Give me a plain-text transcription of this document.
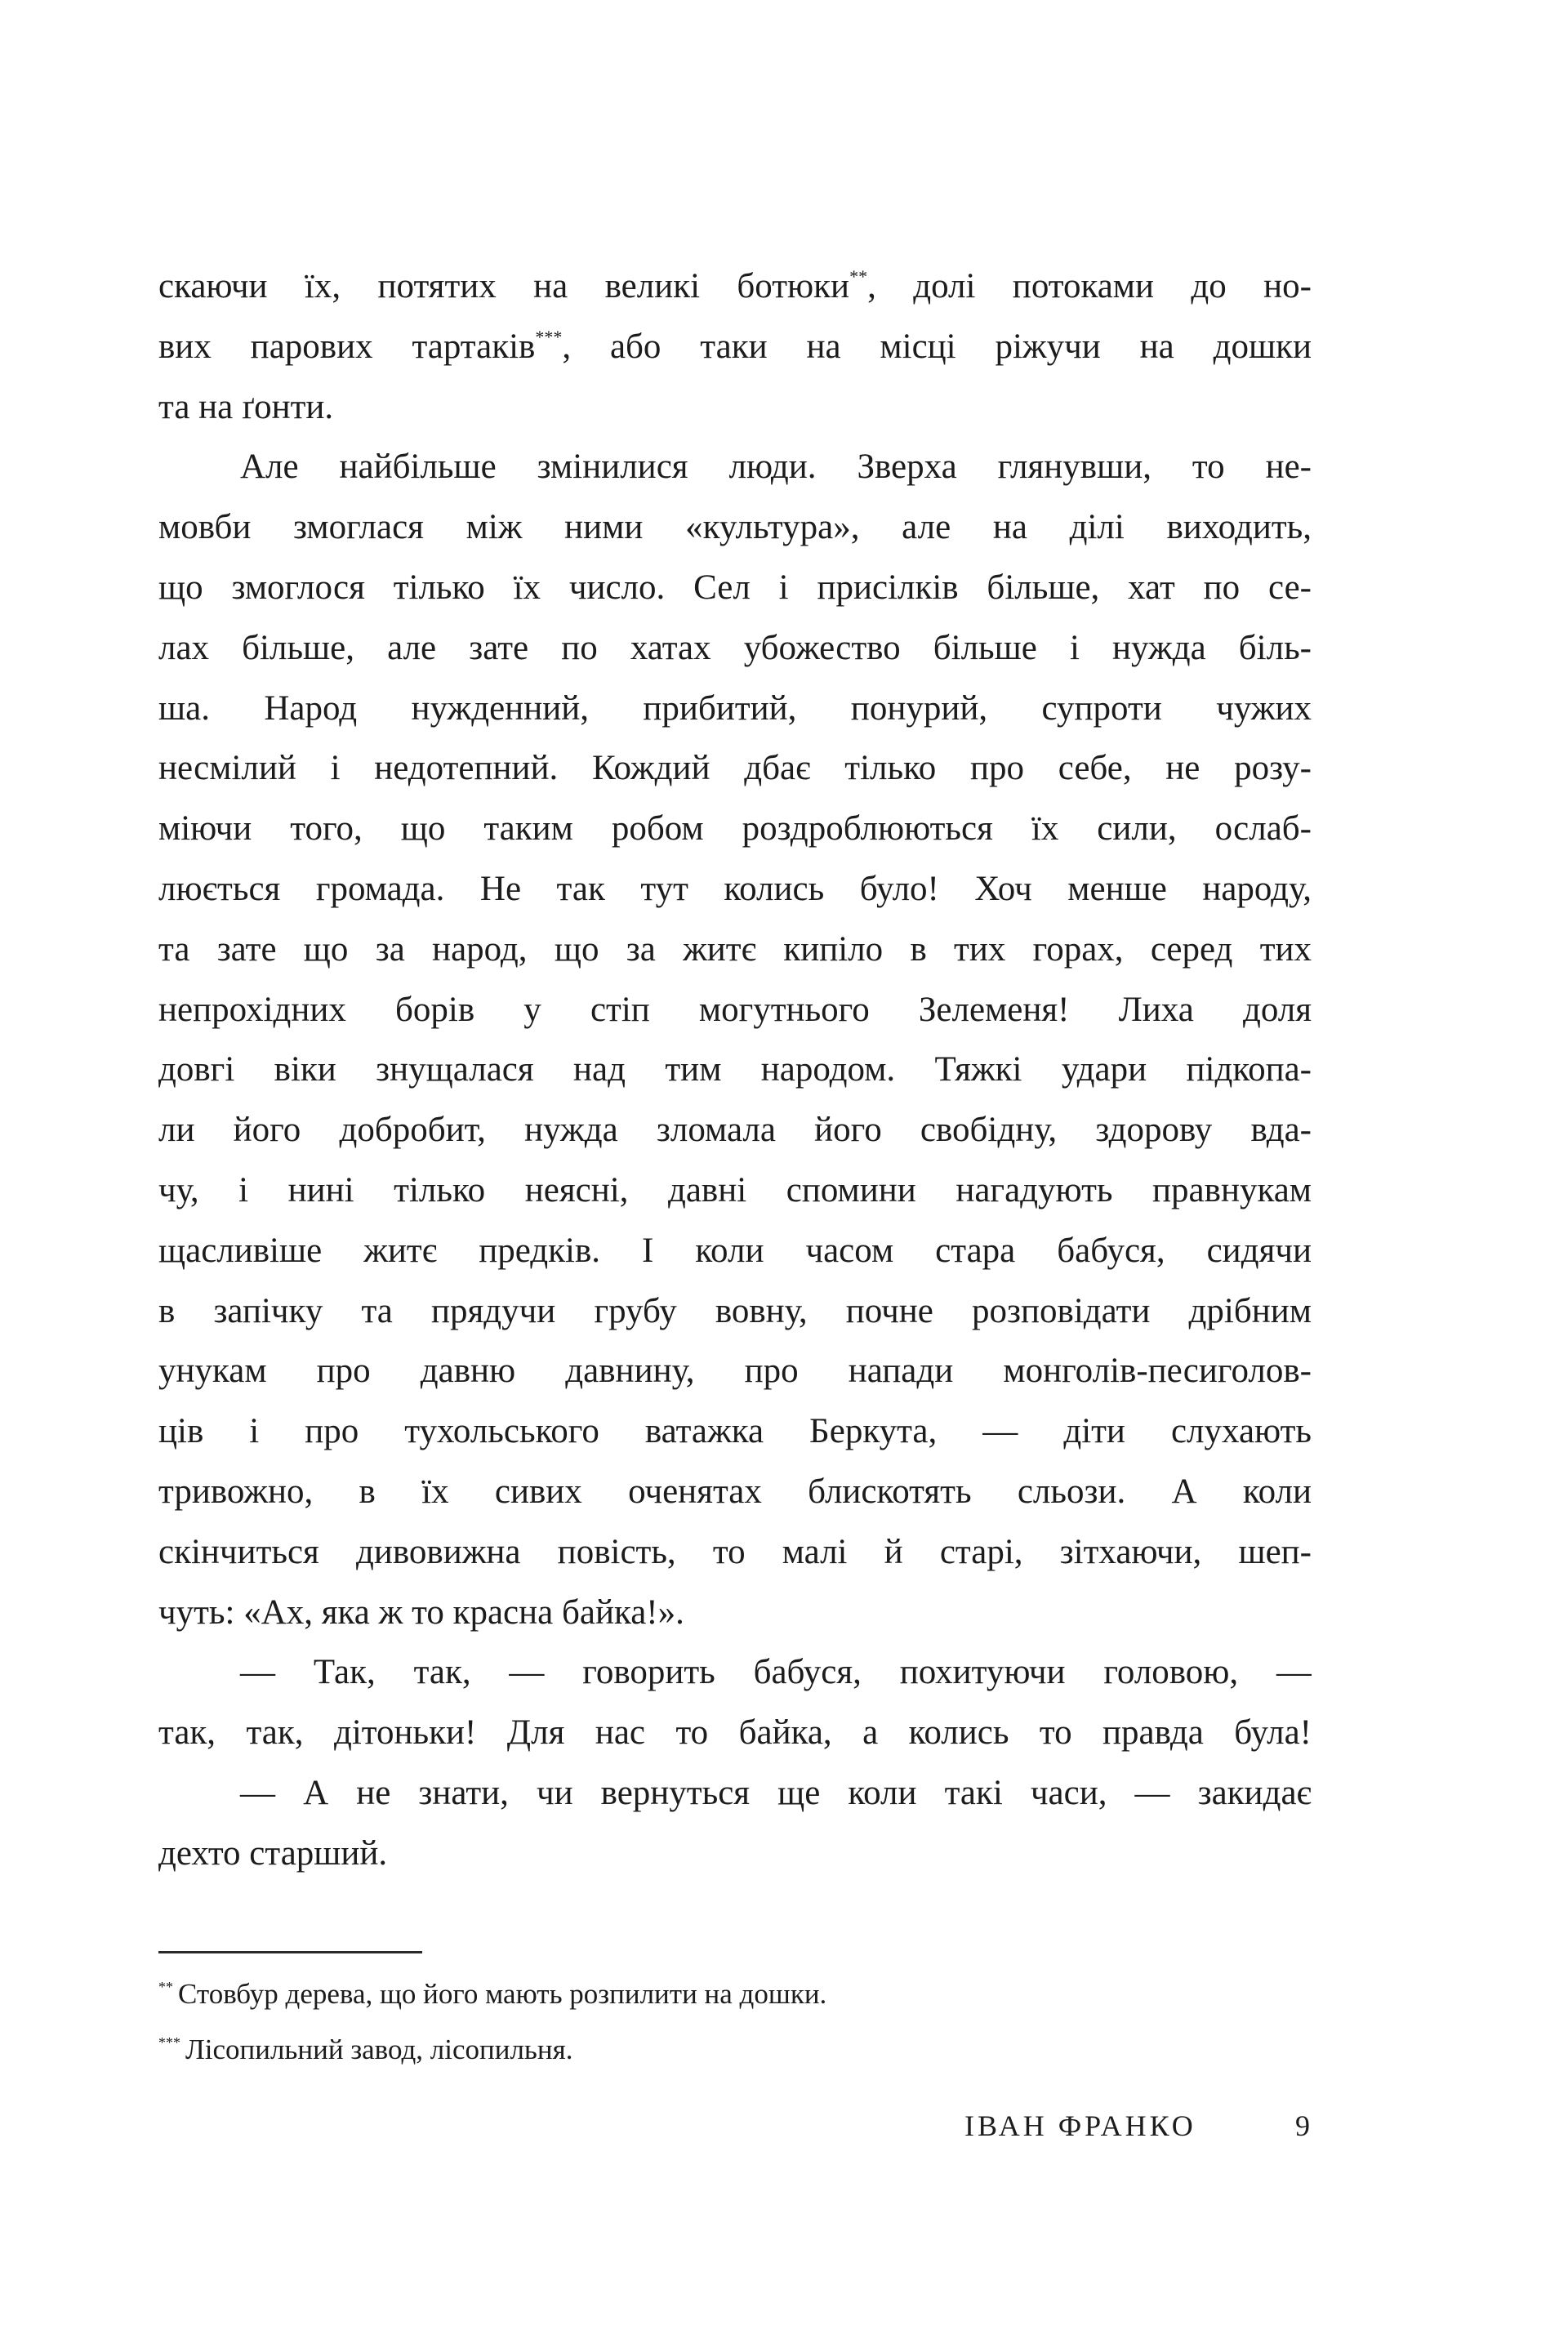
скаючи їх, потятих на великі ботюки**, долі потоками до но-
вих парових тартаків***, або таки на місці ріжучи на дошки
та на ґонти.
Але найбільше змінилися люди. Зверха глянувши, то не-
мовби змоглася між ними «культура», але на ділі виходить,
що змоглося тілько їх число. Сел і присілків більше, хат по се-
лах більше, але зате по хатах убожество більше і нужда біль-
ша. Народ нужденний, прибитий, понурий, супроти чужих
несмілий і недотепний. Кождий дбає тілько про себе, не розу-
міючи того, що таким робом роздроблюються їх сили, ослаб-
люється громада. Не так тут колись було! Хоч менше народу,
та зате що за народ, що за житє кипіло в тих горах, серед тих
непрохідних борів у стіп могутнього Зелеменя! Лиха доля
довгі віки знущалася над тим народом. Тяжкі удари підкопа-
ли його добробит, нужда зломала його свобідну, здорову вда-
чу, і нині тілько неясні, давні спомини нагадують правнукам
щасливіше житє предків. І коли часом стара бабуся, сидячи
в запічку та прядучи грубу вовну, почне розповідати дрібним
унукам про давню давнину, про напади монголів-песиголов-
ців і про тухольського ватажка Беркута, — діти слухають
тривожно, в їх сивих оченятах блискотять сльози. А коли
скінчиться дивовижна повість, то малі й старі, зітхаючи, шеп-
чуть: «Ах, яка ж то красна байка!».
— Так, так, — говорить бабуся, похитуючи головою, —
так, так, дітоньки! Для нас то байка, а колись то правда була!
— А не знати, чи вернуться ще коли такі часи, — закидає
дехто старший.
** Стовбур дерева, що його мають розпилити на дошки.
*** Лісопильний завод, лісопильня.
ІВАН ФРАНКО	9
